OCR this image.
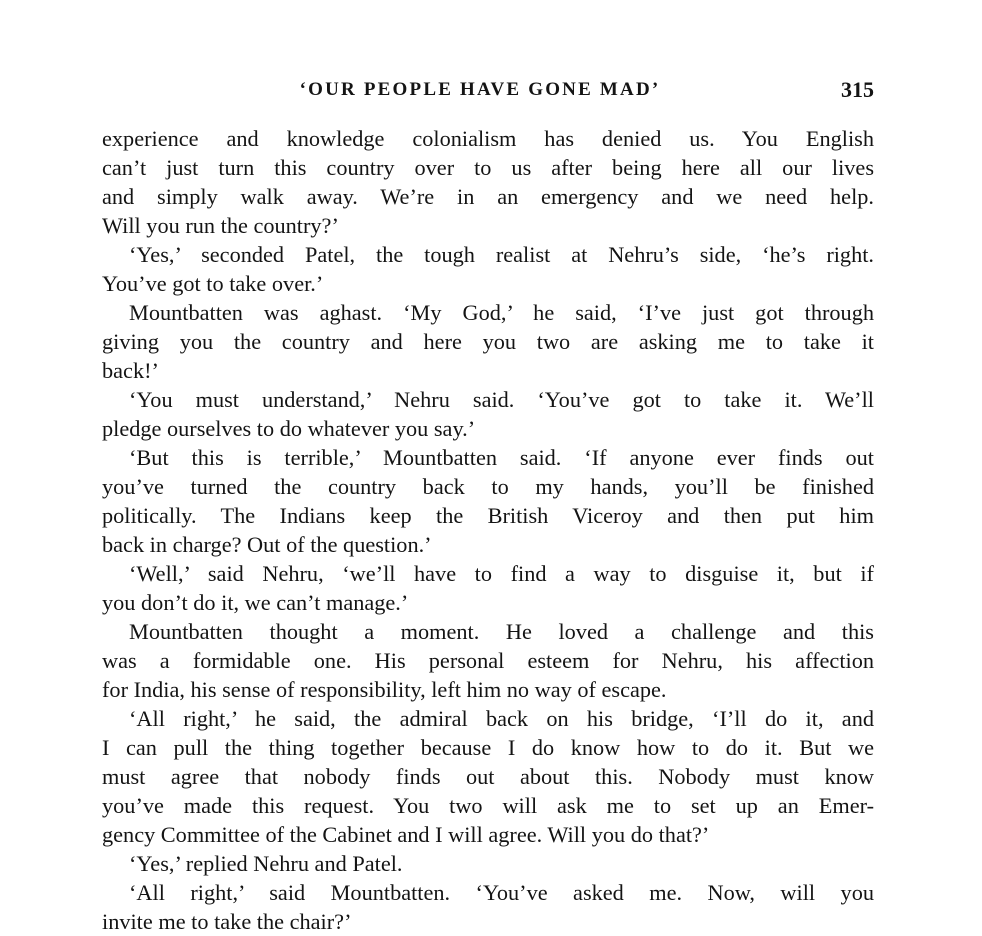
‘OUR PEOPLE HAVE GONE MAD’	315
experience and knowledge colonialism has denied us. You English
can’t just turn this country over to us after being here all our lives
and simply walk away. We’re in an emergency and we need help.
Will you run the country?’
‘Yes,’ seconded Patel, the tough realist at Nehru’s side, ‘he’s right.
You’ve got to take over.’
Mountbatten was aghast. ‘My God,’ he said, ‘I’ve just got through
giving you the country and here you two are asking me to take it
back!’
‘You must understand,’ Nehru said. ‘You’ve got to take it. We’ll
pledge ourselves to do whatever you say.’
‘But this is terrible,’ Mountbatten said. ‘If anyone ever finds out
you’ve turned the country back to my hands, you’ll be finished
politically. The Indians keep the British Viceroy and then put him
back in charge? Out of the question.’
‘Well,’ said Nehru, ‘we’ll have to find a way to disguise it, but if
you don’t do it, we can’t manage.’
Mountbatten thought a moment. He loved a challenge and this
was a formidable one. His personal esteem for Nehru, his affection
for India, his sense of responsibility, left him no way of escape.
‘All right,’ he said, the admiral back on his bridge, ‘I’ll do it, and
I can pull the thing together because I do know how to do it. But we
must agree that nobody finds out about this. Nobody must know
you’ve made this request. You two will ask me to set up an Emer-
gency Committee of the Cabinet and I will agree. Will you do that?’
‘Yes,’ replied Nehru and Patel.
‘All right,’ said Mountbatten. ‘You’ve asked me. Now, will you
invite me to take the chair?’
